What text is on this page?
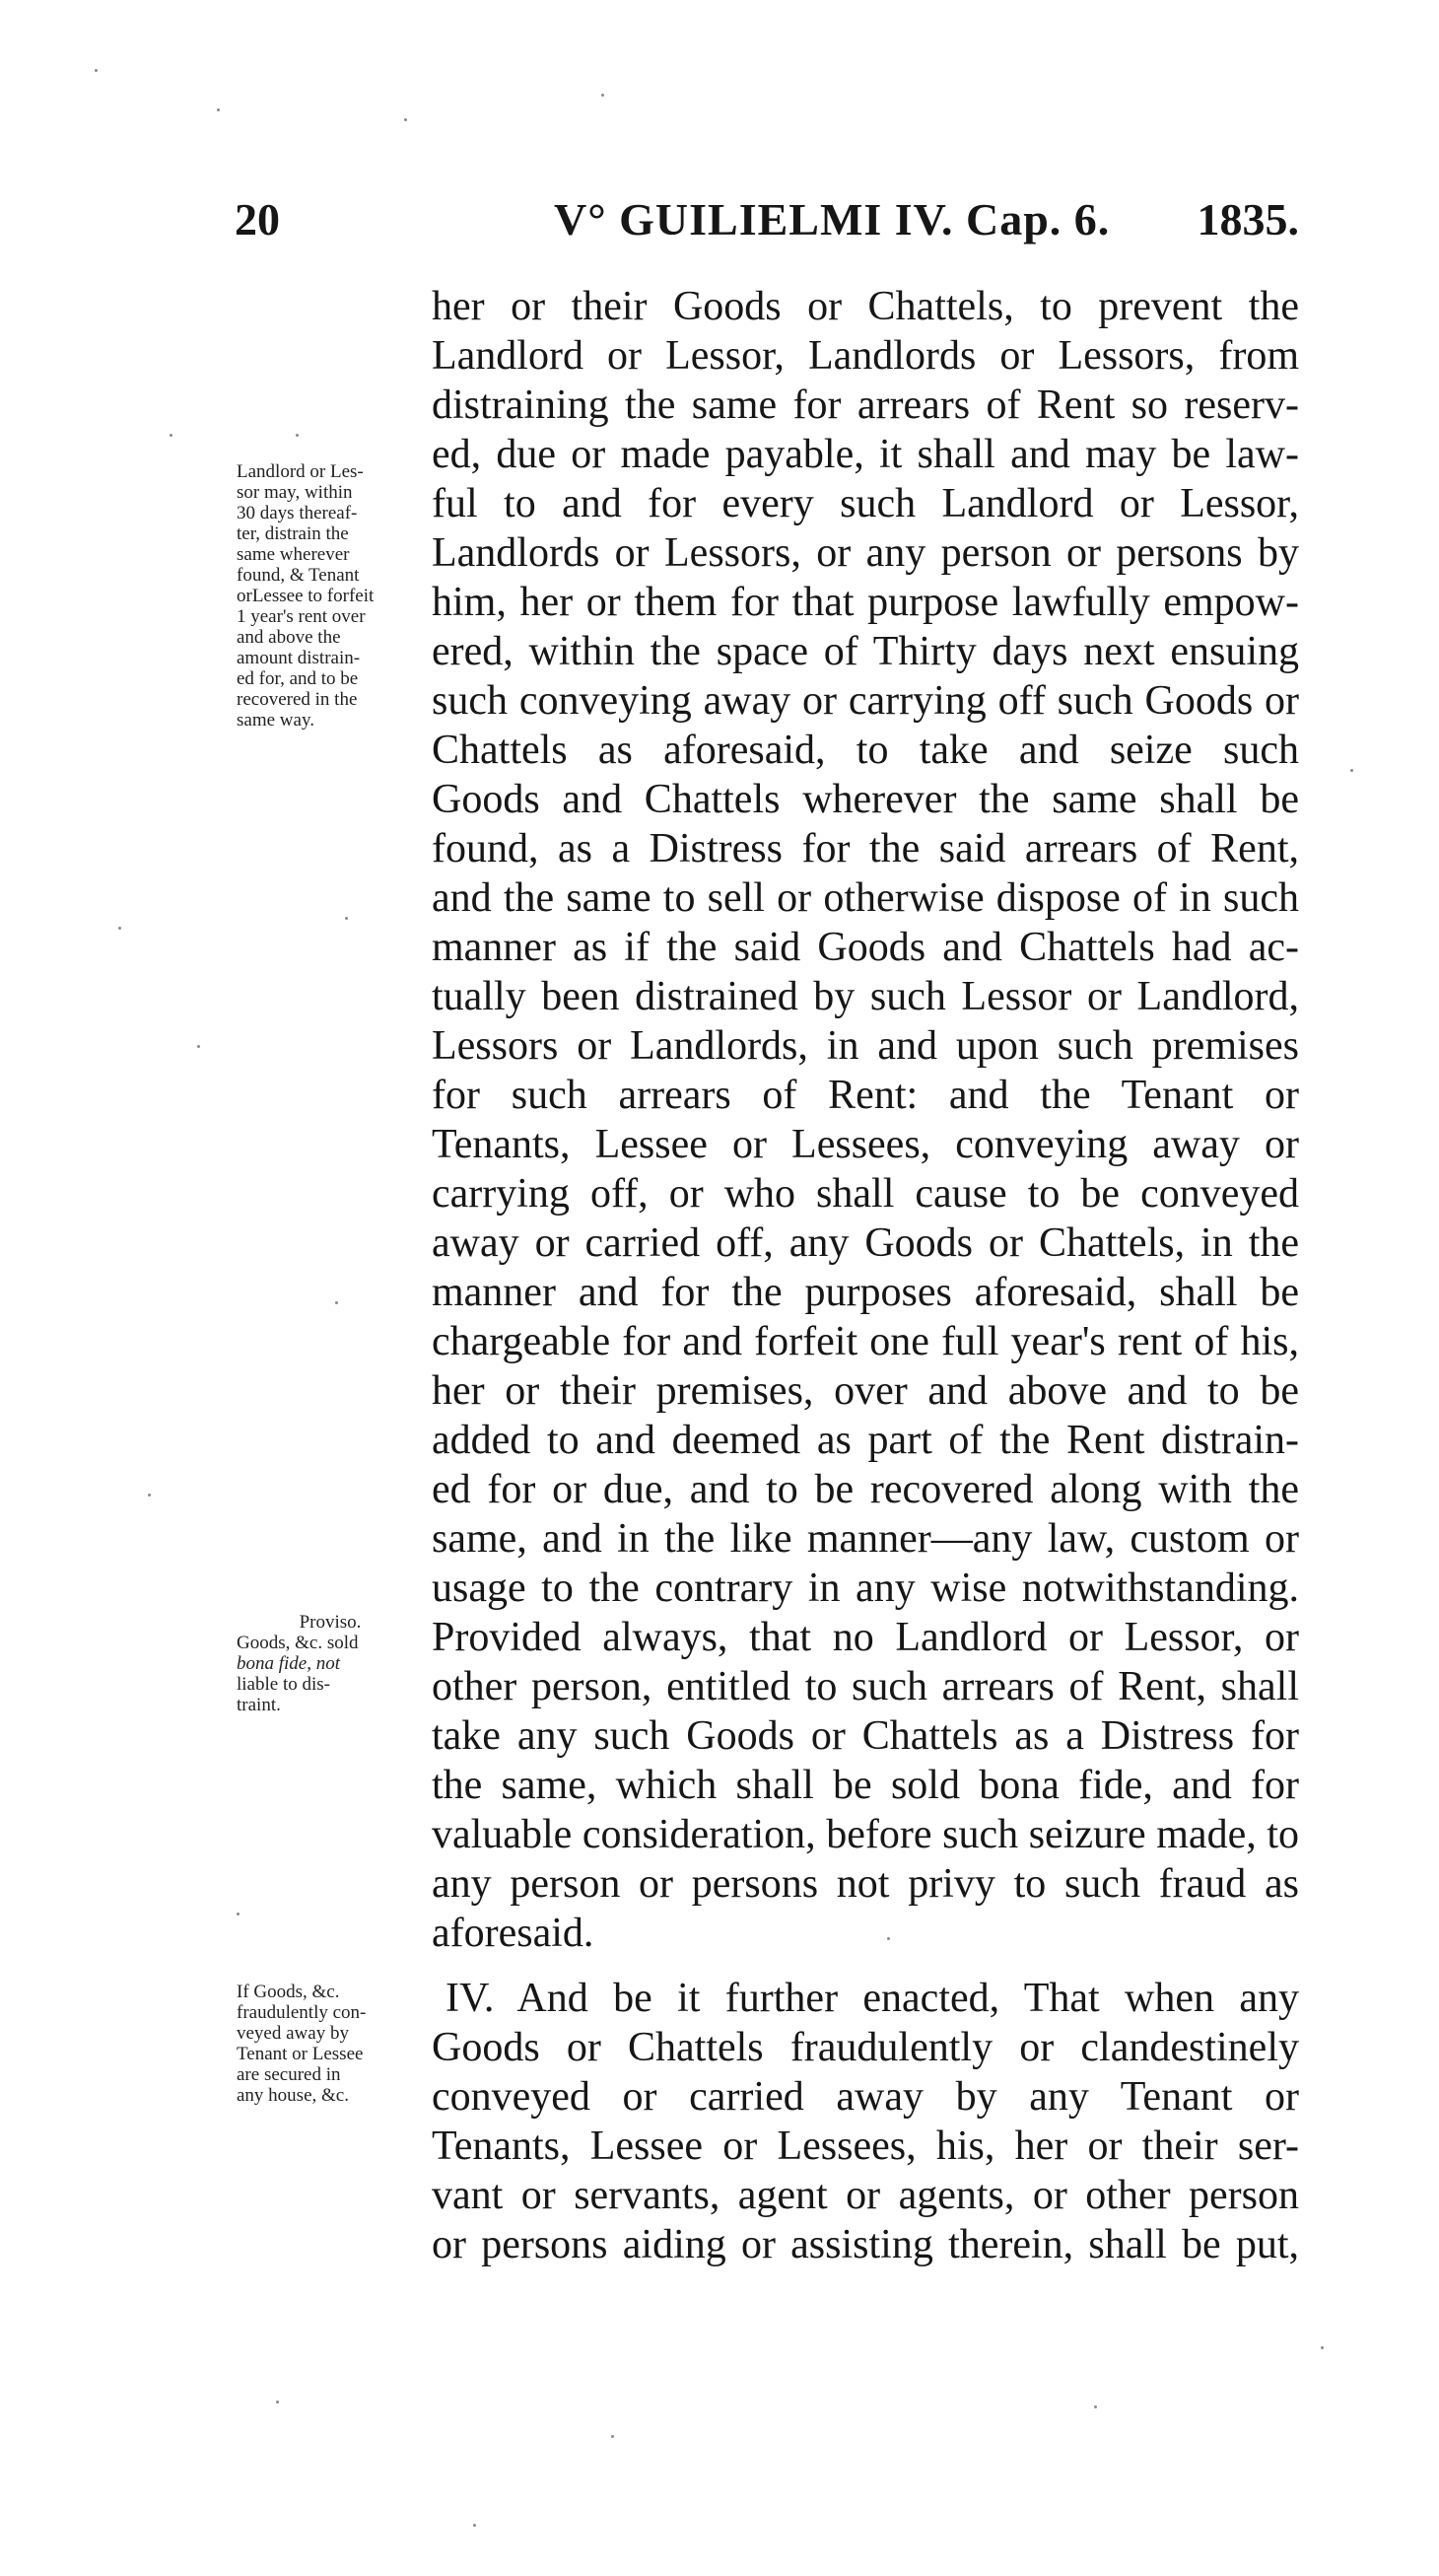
20	V° GUILIELMI IV. Cap. 6. 1835.
Landlord or Les-
sor may, within
30 days thereaf-
ter, distrain the
same wherever
found, & Tenant
orLessee to forfeit
1 year's rent over
and above the
amount distrain-
ed for, and to be
recovered in the
same way.
Proviso.
Goods, &c. sold
bona fide, not
liable to dis-
traint.
If Goods, &c.
fraudulently con-
veyed away by
Tenant or Lessee
are secured in
any house, &c.
her or their Goods or Chattels, to prevent the
Landlord or Lessor, Landlords or Lessors, from
distraining the same for arrears of Rent so reserv-
ed, due or made payable, it shall and may be law-
ful to and for every such Landlord or Lessor,
Landlords or Lessors, or any person or persons by
him, her or them for that purpose lawfully empow-
ered, within the space of Thirty days next ensuing
such conveying away or carrying off such Goods or
Chattels as aforesaid, to take and seize such
Goods and Chattels wherever the same shall be
found, as a Distress for the said arrears of Rent,
and the same to sell or otherwise dispose of in such
manner as if the said Goods and Chattels had ac-
tually been distrained by such Lessor or Landlord,
Lessors or Landlords, in and upon such premises
for such arrears of Rent: and the Tenant or
Tenants, Lessee or Lessees, conveying away or
carrying off, or who shall cause to be conveyed
away or carried off, any Goods or Chattels, in the
manner and for the purposes aforesaid, shall be
chargeable for and forfeit one full year's rent of his,
her or their premises, over and above and to be
added to and deemed as part of the Rent distrain-
ed for or due, and to be recovered along with the
same, and in the like manner—any law, custom or
usage to the contrary in any wise notwithstanding.
Provided always, that no Landlord or Lessor, or
other person, entitled to such arrears of Rent, shall
take any such Goods or Chattels as a Distress for
the same, which shall be sold bona fide, and for
valuable consideration, before such seizure made, to
any person or persons not privy to such fraud as
aforesaid.
IV. And be it further enacted, That when any
Goods or Chattels fraudulently or clandestinely
conveyed or carried away by any Tenant or
Tenants, Lessee or Lessees, his, her or their ser-
vant or servants, agent or agents, or other person
or persons aiding or assisting therein, shall be put,
